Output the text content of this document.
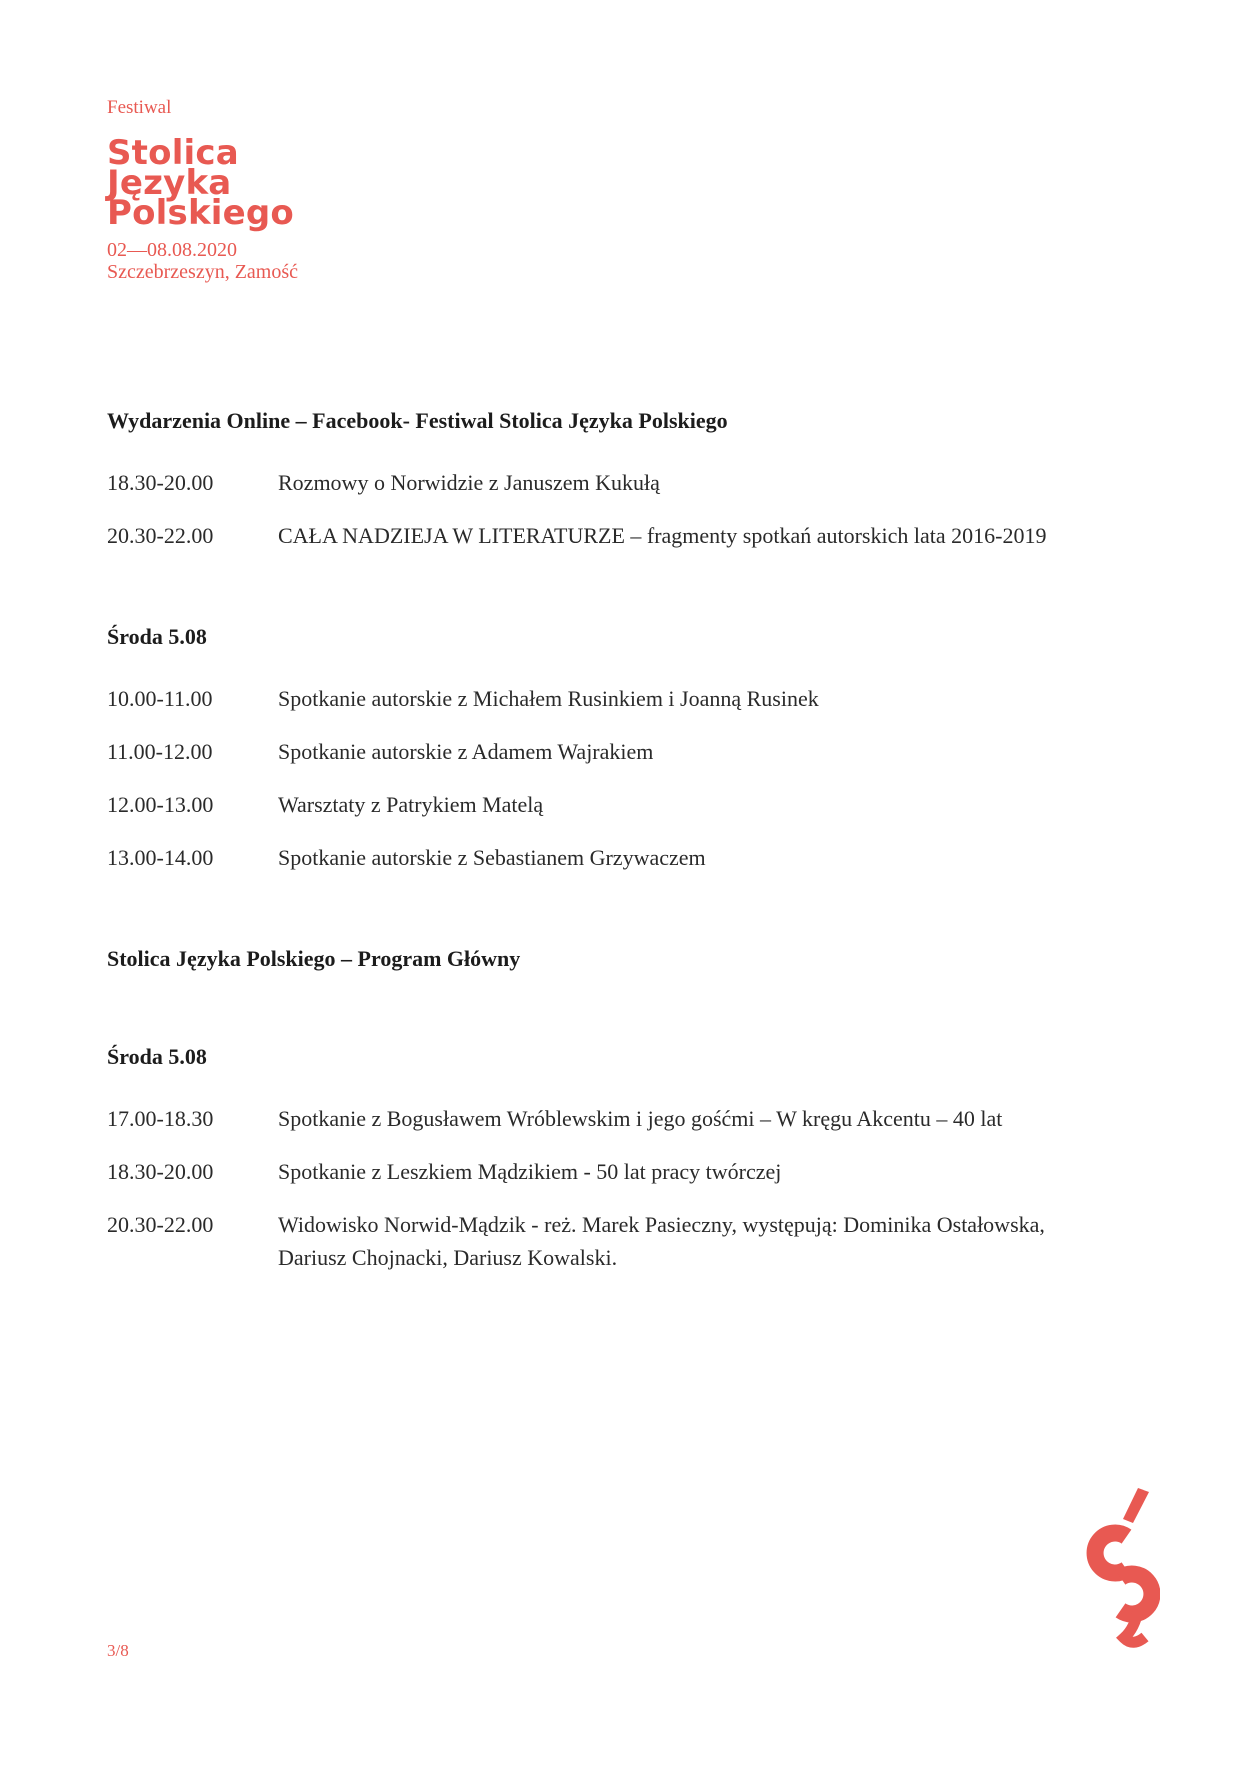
Festiwal
Stolica
Języka
Polskiego
02—08.08.2020
Szczebrzeszyn, Zamość
Wydarzenia Online – Facebook- Festiwal Stolica Języka Polskiego
18.30-20.00	Rozmowy o Norwidzie z Januszem Kukułą
20.30-22.00	CAŁA NADZIEJA W LITERATURZE – fragmenty spotkań autorskich lata 2016-2019
Środa 5.08
10.00-11.00	Spotkanie autorskie z Michałem Rusinkiem i Joanną Rusinek
11.00-12.00	Spotkanie autorskie z Adamem Wajrakiem
12.00-13.00	Warsztaty z Patrykiem Matelą
13.00-14.00	Spotkanie autorskie z Sebastianem Grzywaczem
Stolica Języka Polskiego – Program Główny
Środa 5.08
17.00-18.30	Spotkanie z Bogusławem Wróblewskim i jego gośćmi – W kręgu Akcentu – 40 lat
18.30-20.00	Spotkanie z Leszkiem Mądzikiem - 50 lat pracy twórczej
20.30-22.00	Widowisko Norwid-Mądzik - reż. Marek Pasieczny, występują: Dominika Ostałowska, Dariusz Chojnacki, Dariusz Kowalski.
3/8
